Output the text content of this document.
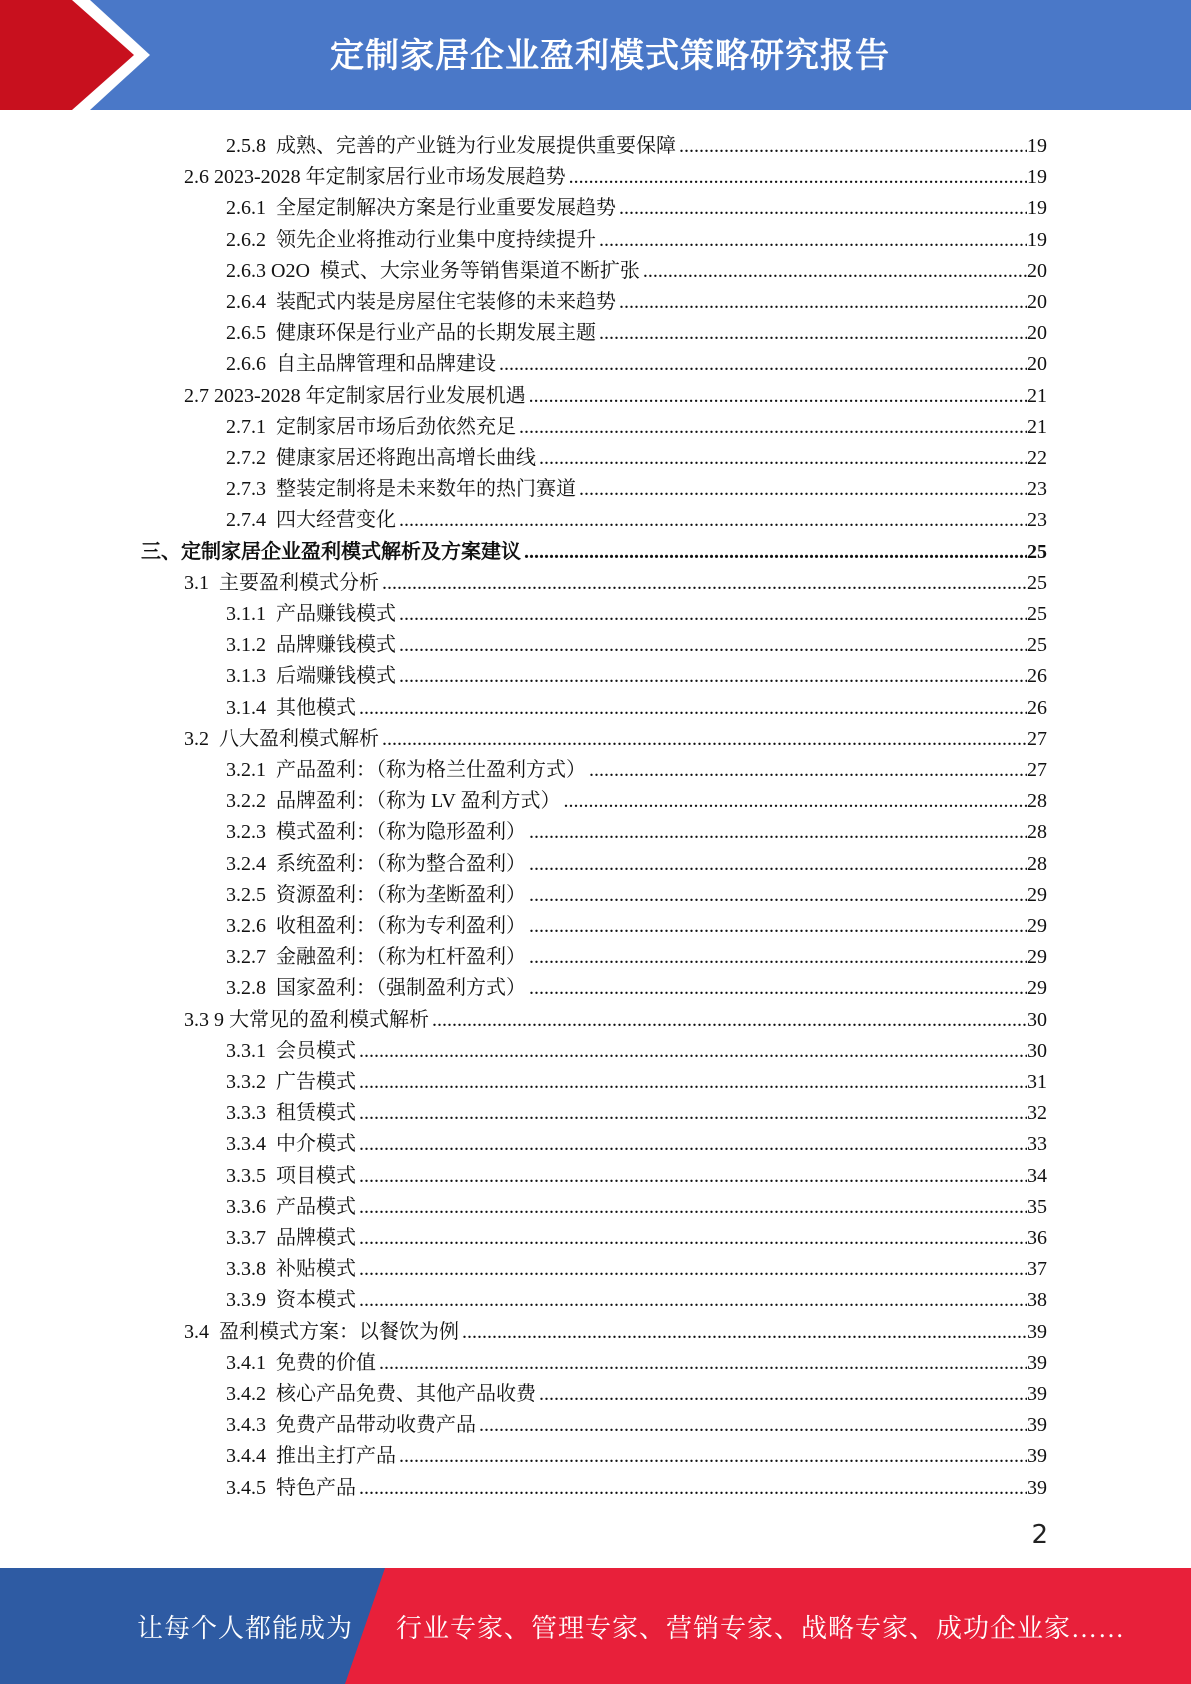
定制家居企业盈利模式策略研究报告
2.5.8  成熟、完善的产业链为行业发展提供重要保障 .....	19
2.6 2023-2028 年定制家居行业市场发展趋势 .....	19
2.6.1  全屋定制解决方案是行业重要发展趋势 .....	19
2.6.2  领先企业将推动行业集中度持续提升 .....	19
2.6.3 O2O  模式、大宗业务等销售渠道不断扩张 .....	20
2.6.4  装配式内装是房屋住宅装修的未来趋势 .....	20
2.6.5  健康环保是行业产品的长期发展主题 .....	20
2.6.6  自主品牌管理和品牌建设 .....	20
2.7 2023-2028 年定制家居行业发展机遇 .....	21
2.7.1  定制家居市场后劲依然充足 .....	21
2.7.2  健康家居还将跑出高增长曲线 .....	22
2.7.3  整装定制将是未来数年的热门赛道 .....	23
2.7.4  四大经营变化 .....	23
三、定制家居企业盈利模式解析及方案建议 .....	25
3.1  主要盈利模式分析 .....	25
3.1.1  产品赚钱模式 .....	25
3.1.2  品牌赚钱模式 .....	25
3.1.3  后端赚钱模式 .....	26
3.1.4  其他模式 .....	26
3.2  八大盈利模式解析 .....	27
3.2.1  产品盈利：（称为格兰仕盈利方式） .....	27
3.2.2  品牌盈利：（称为 LV 盈利方式） .....	28
3.2.3  模式盈利：（称为隐形盈利） .....	28
3.2.4  系统盈利：（称为整合盈利） .....	28
3.2.5  资源盈利：（称为垄断盈利） .....	29
3.2.6  收租盈利：（称为专利盈利） .....	29
3.2.7  金融盈利：（称为杠杆盈利） .....	29
3.2.8  国家盈利：（强制盈利方式） .....	29
3.3 9 大常见的盈利模式解析 .....	30
3.3.1  会员模式 .....	30
3.3.2  广告模式 .....	31
3.3.3  租赁模式 .....	32
3.3.4  中介模式 .....	33
3.3.5  项目模式 .....	34
3.3.6  产品模式 .....	35
3.3.7  品牌模式 .....	36
3.3.8  补贴模式 .....	37
3.3.9  资本模式 .....	38
3.4  盈利模式方案：以餐饮为例 .....	39
3.4.1  免费的价值 .....	39
3.4.2  核心产品免费、其他产品收费 .....	39
3.4.3  免费产品带动收费产品 .....	39
3.4.4  推出主打产品 .....	39
3.4.5  特色产品 .....	39
2
让每个人都能成为	行业专家、管理专家、营销专家、战略专家、成功企业家……
